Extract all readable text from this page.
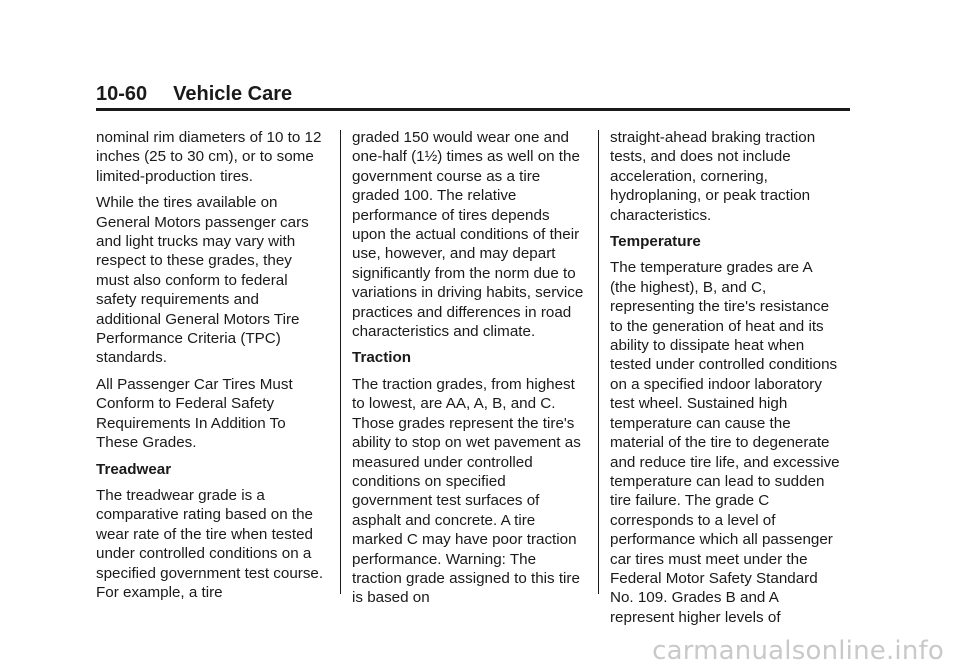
10-60 Vehicle Care

nominal rim diameters of 10 to 12 inches (25 to 30 cm), or to some limited-production tires.

While the tires available on General Motors passenger cars and light trucks may vary with respect to these grades, they must also conform to federal safety requirements and additional General Motors Tire Performance Criteria (TPC) standards.

All Passenger Car Tires Must Conform to Federal Safety Requirements In Addition To These Grades.

Treadwear

The treadwear grade is a comparative rating based on the wear rate of the tire when tested under controlled conditions on a specified government test course. For example, a tire

graded 150 would wear one and one-half (1½) times as well on the government course as a tire graded 100. The relative performance of tires depends upon the actual conditions of their use, however, and may depart significantly from the norm due to variations in driving habits, service practices and differences in road characteristics and climate.

Traction

The traction grades, from highest to lowest, are AA, A, B, and C. Those grades represent the tire's ability to stop on wet pavement as measured under controlled conditions on specified government test surfaces of asphalt and concrete. A tire marked C may have poor traction performance. Warning: The traction grade assigned to this tire is based on

straight-ahead braking traction tests, and does not include acceleration, cornering, hydroplaning, or peak traction characteristics.

Temperature

The temperature grades are A (the highest), B, and C, representing the tire's resistance to the generation of heat and its ability to dissipate heat when tested under controlled conditions on a specified indoor laboratory test wheel. Sustained high temperature can cause the material of the tire to degenerate and reduce tire life, and excessive temperature can lead to sudden tire failure. The grade C corresponds to a level of performance which all passenger car tires must meet under the Federal Motor Safety Standard No. 109. Grades B and A represent higher levels of

carmanualsonline.info
